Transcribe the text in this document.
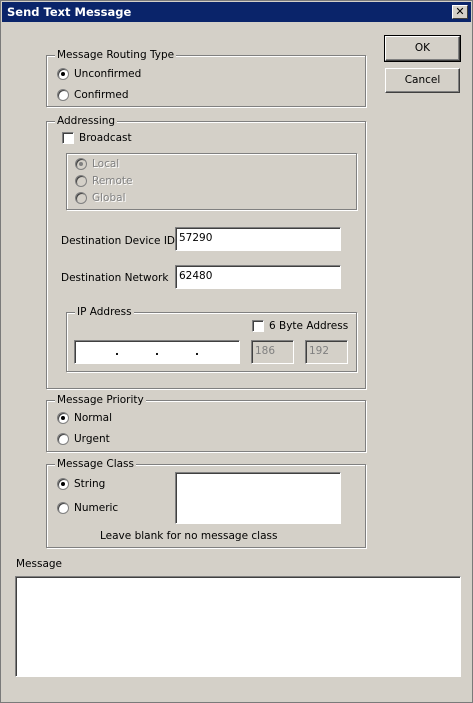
Send Text Message	✕
OK
Cancel
Message Routing Type
Unconfirmed
Confirmed
Addressing
Broadcast
Local
Remote
Global
Destination Device ID 57290
Destination Network	62480
IP Address
6 Byte Address
.	.	.	186	192
Message Priority
Normal
Urgent
Message Class
String
Numeric
Leave blank for no message class
Message
